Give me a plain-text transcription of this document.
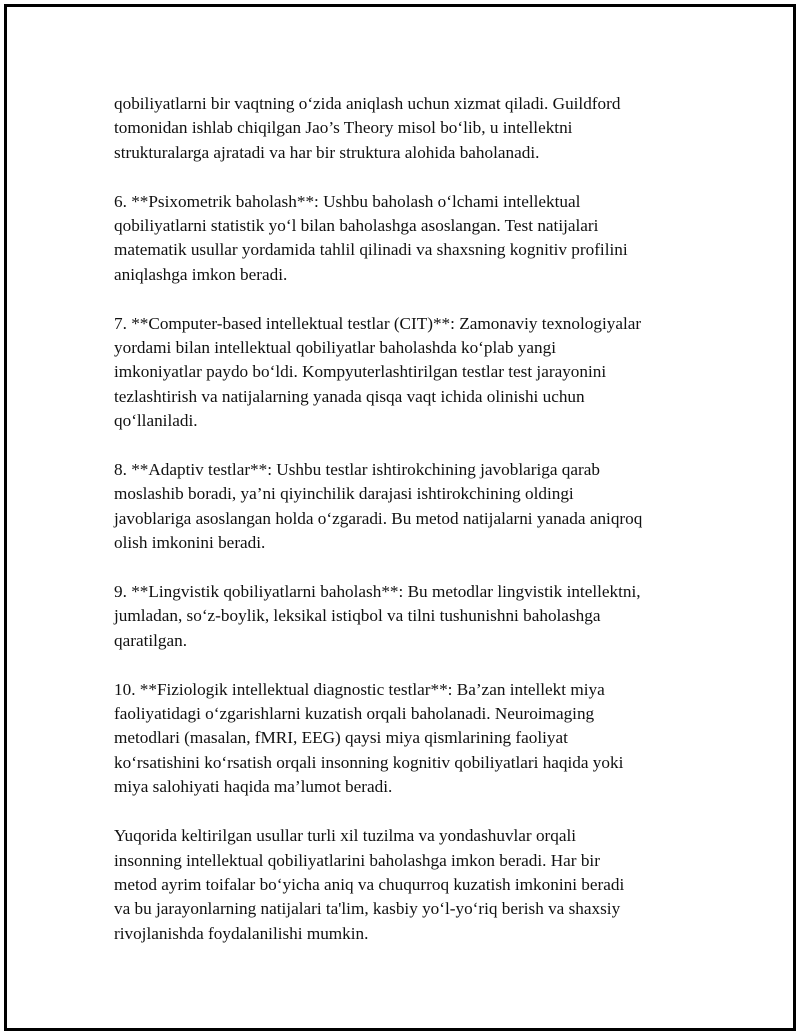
qobiliyatlarni bir vaqtning o‘zida aniqlash uchun xizmat qiladi. Guildford
tomonidan ishlab chiqilgan Jao’s Theory misol bo‘lib, u intellektni
strukturalarga ajratadi va har bir struktura alohida baholanadi.

6. **Psixometrik baholash**: Ushbu baholash o‘lchami intellektual
qobiliyatlarni statistik yo‘l bilan baholashga asoslangan. Test natijalari
matematik usullar yordamida tahlil qilinadi va shaxsning kognitiv profilini
aniqlashga imkon beradi.

7. **Computer-based intellektual testlar (CIT)**: Zamonaviy texnologiyalar
yordami bilan intellektual qobiliyatlar baholashda ko‘plab yangi
imkoniyatlar paydo bo‘ldi. Kompyuterlashtirilgan testlar test jarayonini
tezlashtirish va natijalarning yanada qisqa vaqt ichida olinishi uchun
qo‘llaniladi.

8. **Adaptiv testlar**: Ushbu testlar ishtirokchining javoblariga qarab
moslashib boradi, ya’ni qiyinchilik darajasi ishtirokchining oldingi
javoblariga asoslangan holda o‘zgaradi. Bu metod natijalarni yanada aniqroq
olish imkonini beradi.

9. **Lingvistik qobiliyatlarni baholash**: Bu metodlar lingvistik intellektni,
jumladan, so‘z-boylik, leksikal istiqbol va tilni tushunishni baholashga
qaratilgan.

10. **Fiziologik intellektual diagnostic testlar**: Ba’zan intellekt miya
faoliyatidagi o‘zgarishlarni kuzatish orqali baholanadi. Neuroimaging
metodlari (masalan, fMRI, EEG) qaysi miya qismlarining faoliyat
ko‘rsatishini ko‘rsatish orqali insonning kognitiv qobiliyatlari haqida yoki
miya salohiyati haqida ma’lumot beradi.

Yuqorida keltirilgan usullar turli xil tuzilma va yondashuvlar orqali
insonning intellektual qobiliyatlarini baholashga imkon beradi. Har bir
metod ayrim toifalar bo‘yicha aniq va chuqurroq kuzatish imkonini beradi
va bu jarayonlarning natijalari ta'lim, kasbiy yo‘l-yo‘riq berish va shaxsiy
rivojlanishda foydalanilishi mumkin.
